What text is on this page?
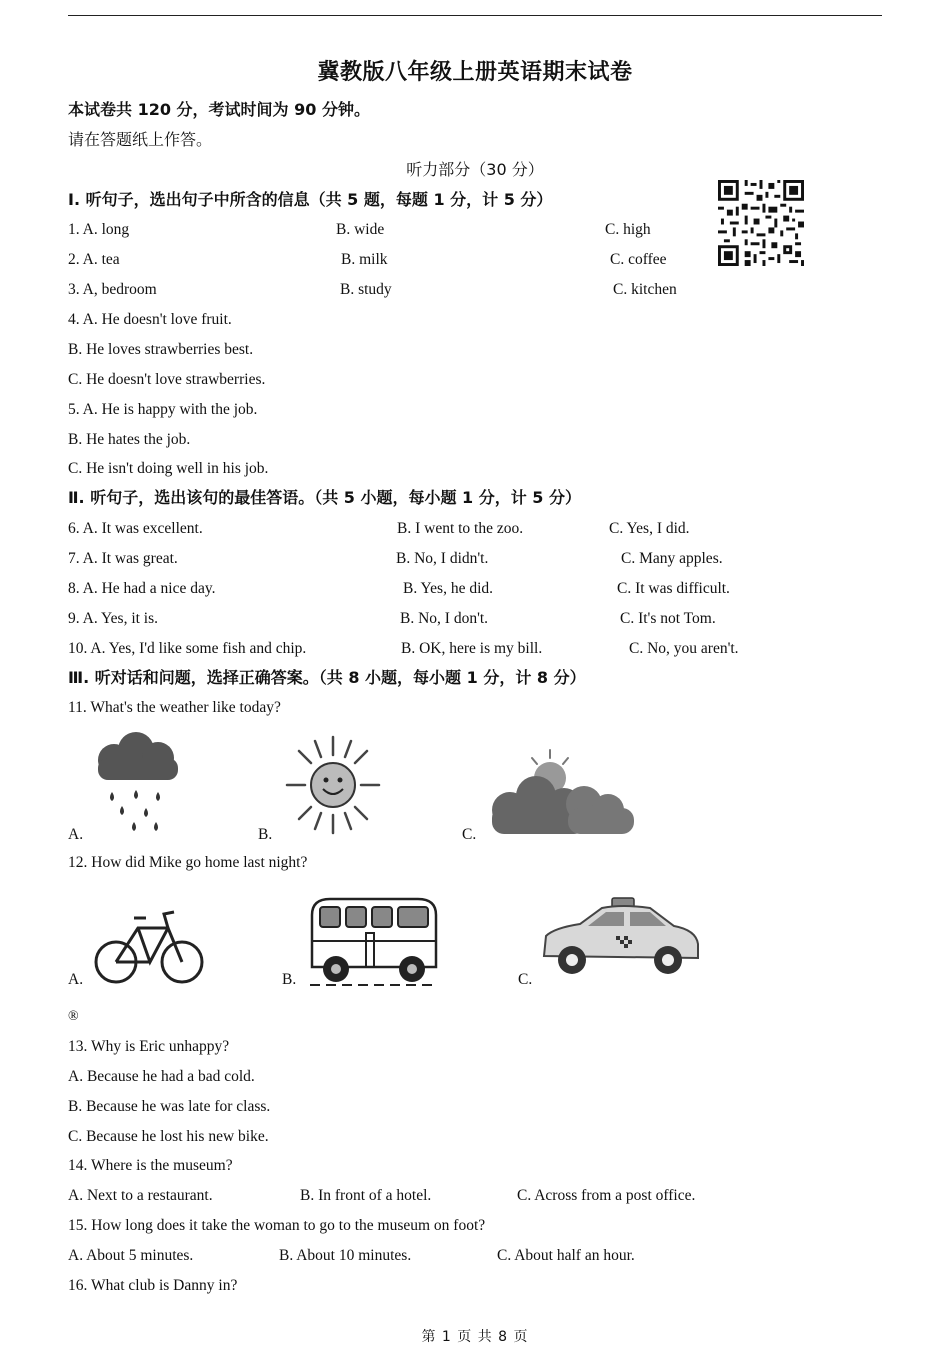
冀教版八年级上册英语期末试卷
本试卷共 120 分，考试时间为 90 分钟。
请在答题纸上作答。
听力部分（30 分）
I. 听句子，选出句子中所含的信息（共 5 题，每题 1 分，计 5 分）
1. A. long	B. wide	C. high
2. A. tea	B. milk	C. coffee
3. A, bedroom	B. study	C. kitchen
4. A. He doesn't love fruit.
B. He loves strawberries best.
C. He doesn't love strawberries.
5. A. He is happy with the job.
B. He hates the job.
C. He isn't doing well in his job.
Ⅱ. 听句子，选出该句的最佳答语。（共 5 小题，每小题 1 分，计 5 分）
6. A. It was excellent.	B. I went to the zoo.	C. Yes, I did.
7. A. It was great.	B. No, I didn't.	C. Many apples.
8. A. He had a nice day.	B. Yes, he did.	C. It was difficult.
9. A. Yes, it is.	B. No, I don't.	C. It's not Tom.
10. A. Yes, I'd like some fish and chip.	B. OK, here is my bill.	C. No, you aren't.
Ⅲ. 听对话和问题，选择正确答案。（共 8 小题，每小题 1 分，计 8 分）
11. What's the weather like today?
A.	B.	C.
12. How did Mike go home last night?
A.	B.	C.
®
13. Why is Eric unhappy?
A. Because he had a bad cold.
B. Because he was late for class.
C. Because he lost his new bike.
14. Where is the museum?
A. Next to a restaurant.	B. In front of a hotel.	C. Across from a post office.
15. How long does it take the woman to go to the museum on foot?
A. About 5 minutes.	B. About 10 minutes.	C. About half an hour.
16. What club is Danny in?
第 1 页 共 8 页
